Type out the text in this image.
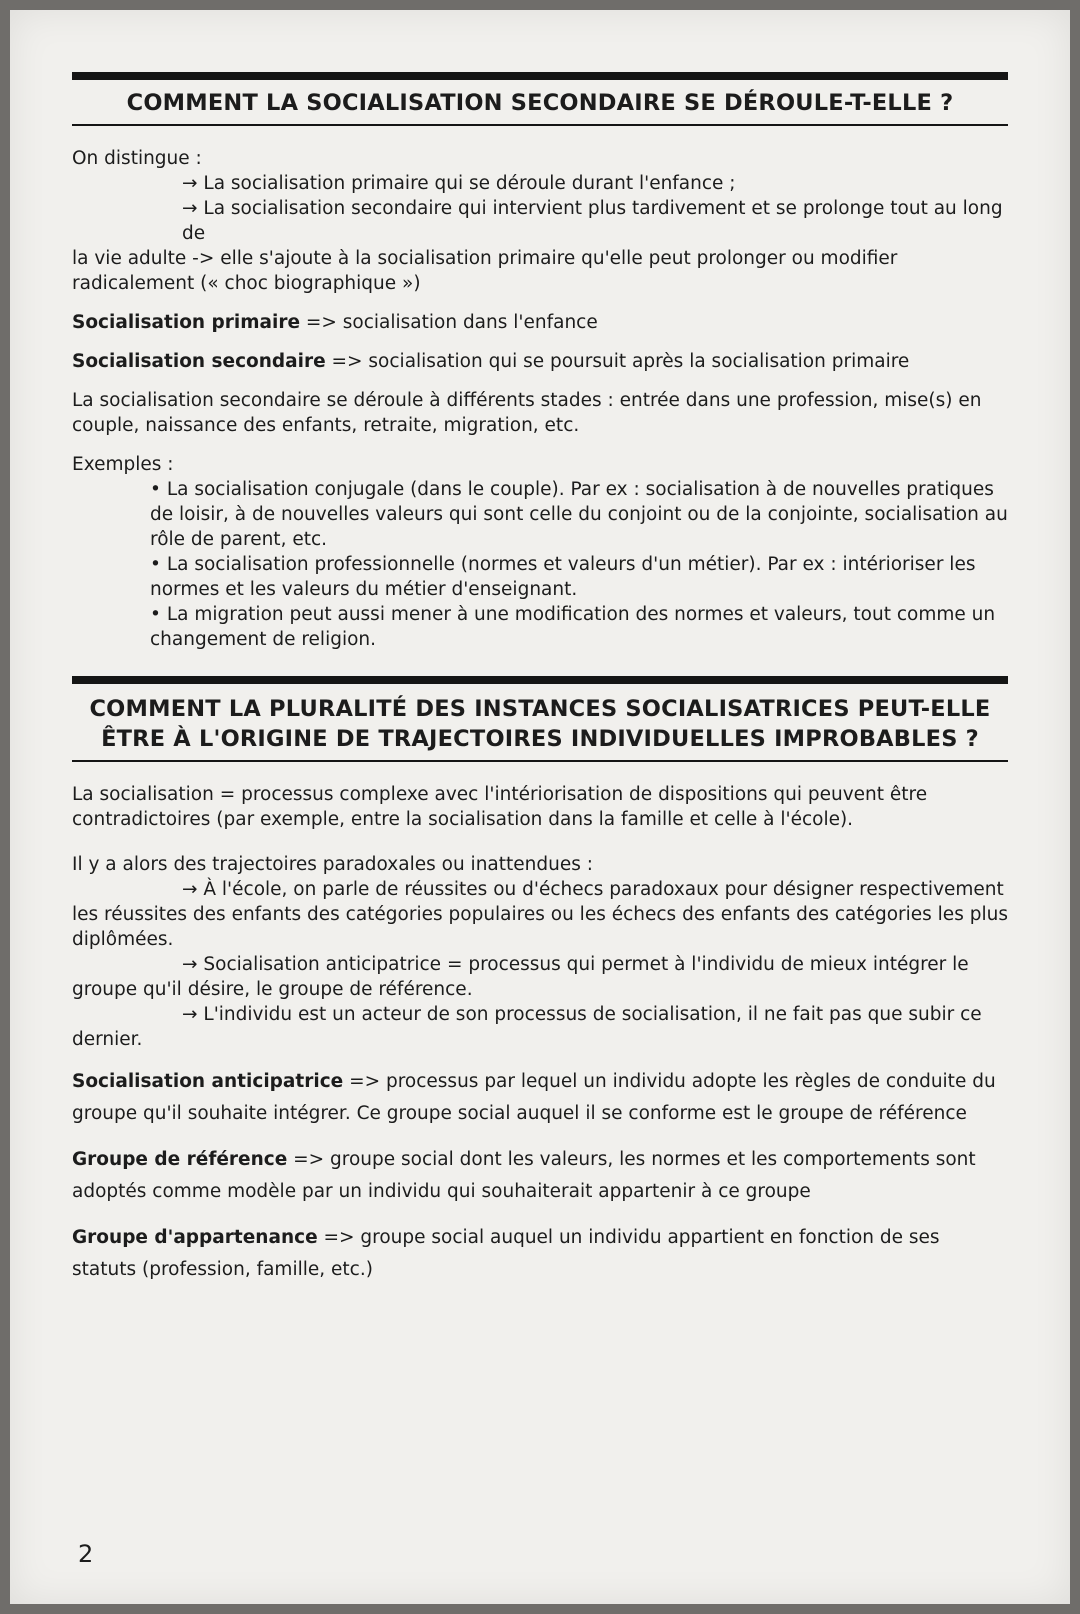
COMMENT LA SOCIALISATION SECONDAIRE SE DÉROULE-T-ELLE ?

On distingue :

→ La socialisation primaire qui se déroule durant l'enfance ;

→ La socialisation secondaire qui intervient plus tardivement et se prolonge tout au long de

la vie adulte -> elle s'ajoute à la socialisation primaire qu'elle peut prolonger ou modifier radicalement (« choc biographique »)

Socialisation primaire => socialisation dans l'enfance

Socialisation secondaire => socialisation qui se poursuit après la socialisation primaire

La socialisation secondaire se déroule à différents stades : entrée dans une profession, mise(s) en couple, naissance des enfants, retraite, migration, etc.

Exemples :

• La socialisation conjugale (dans le couple). Par ex : socialisation à de nouvelles pratiques de loisir, à de nouvelles valeurs qui sont celle du conjoint ou de la conjointe, socialisation au rôle de parent, etc.

• La socialisation professionnelle (normes et valeurs d'un métier). Par ex : intérioriser les normes et les valeurs du métier d'enseignant.

• La migration peut aussi mener à une modification des normes et valeurs, tout comme un changement de religion.

COMMENT LA PLURALITÉ DES INSTANCES SOCIALISATRICES PEUT-ELLE
ÊTRE À L'ORIGINE DE TRAJECTOIRES INDIVIDUELLES IMPROBABLES ?

La socialisation = processus complexe avec l'intériorisation de dispositions qui peuvent être contradictoires (par exemple, entre la socialisation dans la famille et celle à l'école).

Il y a alors des trajectoires paradoxales ou inattendues :

→ À l'école, on parle de réussites ou d'échecs paradoxaux pour désigner respectivement

les réussites des enfants des catégories populaires ou les échecs des enfants des catégories les plus diplômées.

→ Socialisation anticipatrice = processus qui permet à l'individu de mieux intégrer le

groupe qu'il désire, le groupe de référence.

→ L'individu est un acteur de son processus de socialisation, il ne fait pas que subir ce

dernier.

Socialisation anticipatrice => processus par lequel un individu adopte les règles de conduite du groupe qu'il souhaite intégrer. Ce groupe social auquel il se conforme est le groupe de référence

Groupe de référence => groupe social dont les valeurs, les normes et les comportements sont adoptés comme modèle par un individu qui souhaiterait appartenir à ce groupe

Groupe d'appartenance => groupe social auquel un individu appartient en fonction de ses statuts (profession, famille, etc.)

2
